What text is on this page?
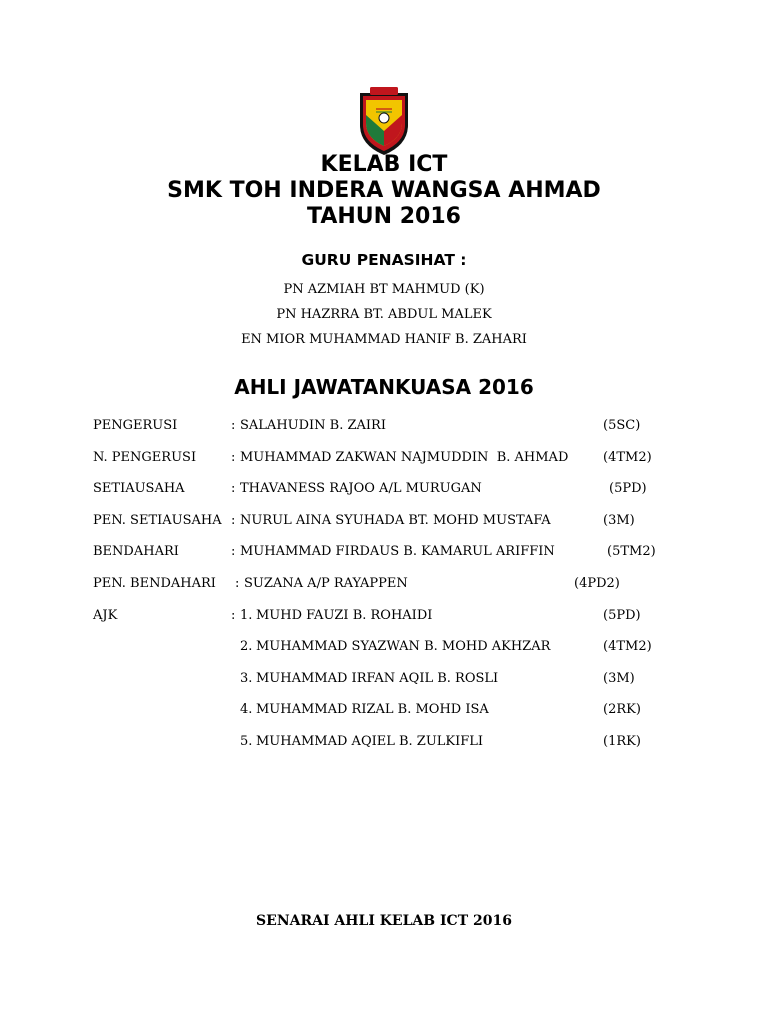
KELAB ICT
SMK TOH INDERA WANGSA AHMAD
TAHUN 2016
GURU PENASIHAT :
PN AZMIAH BT MAHMUD (K)
PN HAZRRA BT. ABDUL MALEK
EN MIOR MUHAMMAD HANIF B. ZAHARI
AHLI JAWATANKUASA 2016
PENGERUSI	: SALAHUDIN B. ZAIRI	(5SC)
N. PENGERUSI	: MUHAMMAD ZAKWAN NAJMUDDIN  B. AHMAD	(4TM2)
SETIAUSAHA	: THAVANESS RAJOO A/L MURUGAN	(5PD)
PEN. SETIAUSAHA : NURUL AINA SYUHADA BT. MOHD MUSTAFA	(3M)
BENDAHARI	: MUHAMMAD FIRDAUS B. KAMARUL ARIFFIN	(5TM2)
PEN. BENDAHARI : SUZANA A/P RAYAPPEN	(4PD2)
AJK	: 1. MUHD FAUZI B. ROHAIDI	(5PD)
2. MUHAMMAD SYAZWAN B. MOHD AKHZAR	(4TM2)
3. MUHAMMAD IRFAN AQIL B. ROSLI	(3M)
4. MUHAMMAD RIZAL B. MOHD ISA	(2RK)
5. MUHAMMAD AQIEL B. ZULKIFLI	(1RK)
SENARAI AHLI KELAB ICT 2016
